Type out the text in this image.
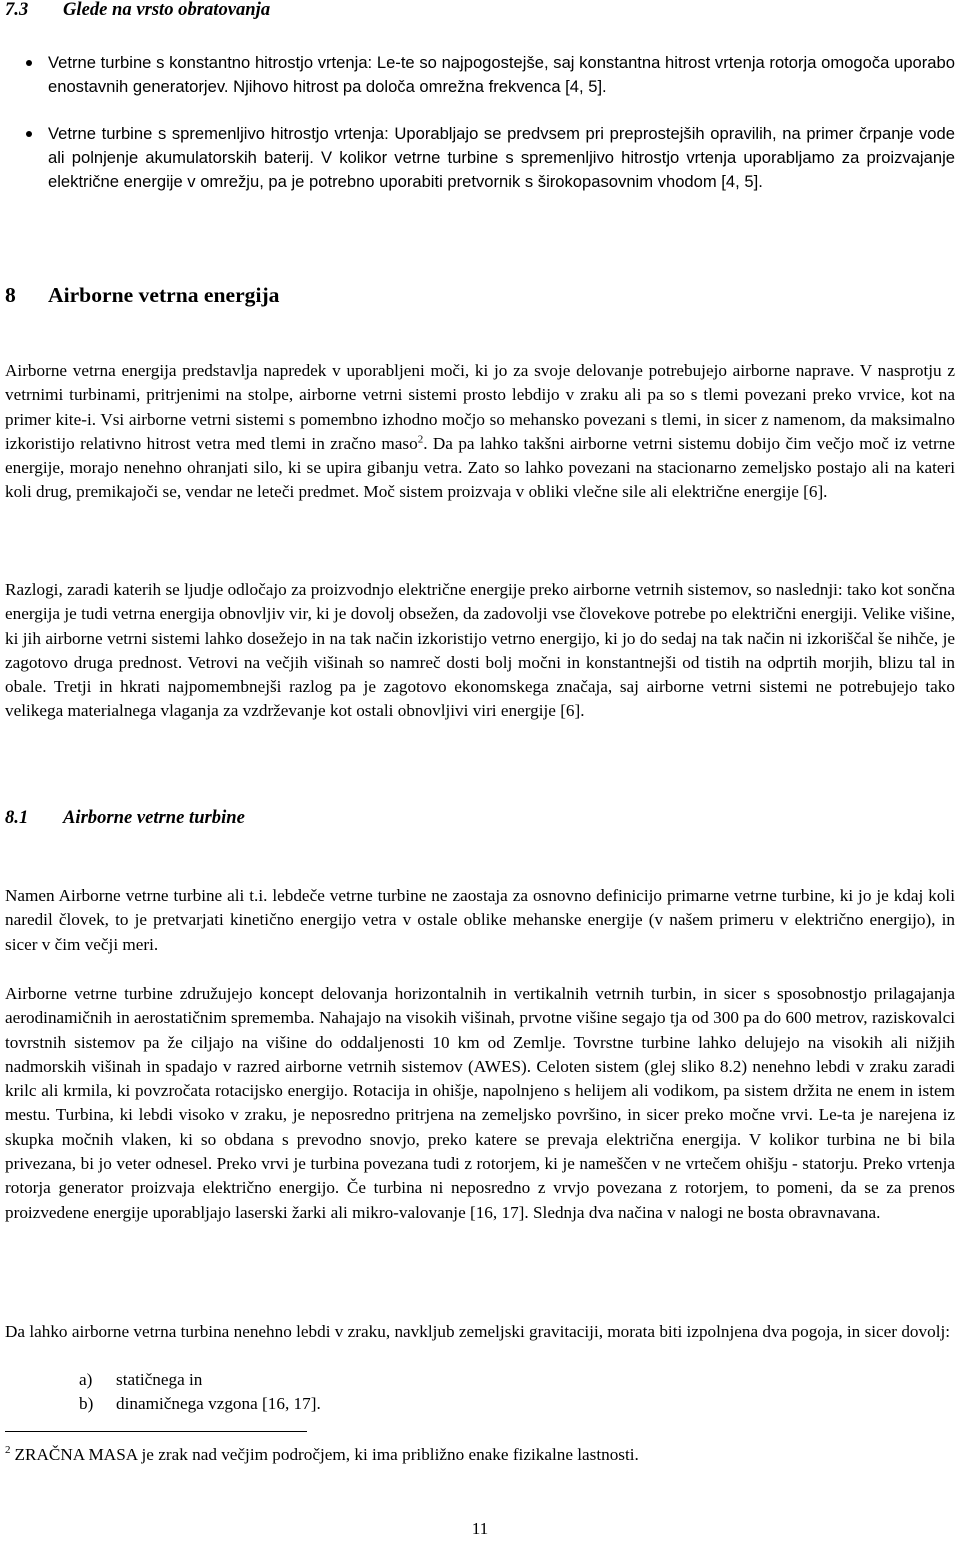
7.3 Glede na vrsto obratovanja
Vetrne turbine s konstantno hitrostjo vrtenja: Le-te so najpogostejše, saj konstantna hitrost vrtenja rotorja omogoča uporabo enostavnih generatorjev. Njihovo hitrost pa določa omrežna frekvenca [4, 5].
Vetrne turbine s spremenljivo hitrostjo vrtenja: Uporabljajo se predvsem pri preprostejših opravilih, na primer črpanje vode ali polnjenje akumulatorskih baterij. V kolikor vetrne turbine s spremenljivo hitrostjo vrtenja uporabljamo za proizvajanje električne energije v omrežju, pa je potrebno uporabiti pretvornik s širokopasovnim vhodom [4, 5].
8 Airborne vetrna energija

Airborne vetrna energija predstavlja napredek v uporabljeni moči, ki jo za svoje delovanje potrebujejo airborne naprave. V nasprotju z vetrnimi turbinami, pritrjenimi na stolpe, airborne vetrni sistemi prosto lebdijo v zraku ali pa so s tlemi povezani preko vrvice, kot na primer kite-i. Vsi airborne vetrni sistemi s pomembno izhodno močjo so mehansko povezani s tlemi, in sicer z namenom, da maksimalno izkoristijo relativno hitrost vetra med tlemi in zračno maso$^2$. Da pa lahko takšni airborne vetrni sistemu dobijo čim večjo moč iz vetrne energije, morajo nenehno ohranjati silo, ki se upira gibanju vetra. Zato so lahko povezani na stacionarno zemeljsko postajo ali na kateri koli drug, premikajoči se, vendar ne leteči predmet. Moč sistem proizvaja v obliki vlečne sile ali električne energije [6].

Razlogi, zaradi katerih se ljudje odločajo za proizvodnjo električne energije preko airborne vetrnih sistemov, so naslednji: tako kot sončna energija je tudi vetrna energija obnovljiv vir, ki je dovolj obsežen, da zadovolji vse človekove potrebe po električni energiji. Velike višine, ki jih airborne vetrni sistemi lahko dosežejo in na tak način izkoristijo vetrno energijo, ki jo do sedaj na tak način ni izkoriščal še nihče, je zagotovo druga prednost. Vetrovi na večjih višinah so namreč dosti bolj močni in konstantnejši od tistih na odprtih morjih, blizu tal in obale. Tretji in hkrati najpomembnejši razlog pa je zagotovo ekonomskega značaja, saj airborne vetrni sistemi ne potrebujejo tako velikega materialnega vlaganja za vzdrževanje kot ostali obnovljivi viri energije [6].

8.1 Airborne vetrne turbine

Namen Airborne vetrne turbine ali t.i. lebdeče vetrne turbine ne zaostaja za osnovno definicijo primarne vetrne turbine, ki jo je kdaj koli naredil človek, to je pretvarjati kinetično energijo vetra v ostale oblike mehanske energije (v našem primeru v električno energijo), in sicer v čim večji meri.

Airborne vetrne turbine združujejo koncept delovanja horizontalnih in vertikalnih vetrnih turbin, in sicer s sposobnostjo prilagajanja aerodinamičnih in aerostatičnim sprememba. Nahajajo na visokih višinah, prvotne višine segajo tja od 300 pa do 600 metrov, raziskovalci tovrstnih sistemov pa že ciljajo na višine do oddaljenosti 10 km od Zemlje. Tovrstne turbine lahko delujejo na visokih ali nižjih nadmorskih višinah in spadajo v razred airborne vetrnih sistemov (AWES). Celoten sistem (glej sliko 8.2) nenehno lebdi v zraku zaradi krilc ali krmila, ki povzročata rotacijsko energijo. Rotacija in ohišje, napolnjeno s helijem ali vodikom, pa sistem držita ne enem in istem mestu. Turbina, ki lebdi visoko v zraku, je neposredno pritrjena na zemeljsko površino, in sicer preko močne vrvi. Le-ta je narejena iz skupka močnih vlaken, ki so obdana s prevodno snovjo, preko katere se prevaja električna energija. V kolikor turbina ne bi bila privezana, bi jo veter odnesel. Preko vrvi je turbina povezana tudi z rotorjem, ki je nameščen v ne vrtečem ohišju - statorju. Preko vrtenja rotorja generator proizvaja električno energijo. Če turbina ni neposredno z vrvjo povezana z rotorjem, to pomeni, da se za prenos proizvedene energije uporabljajo laserski žarki ali mikro-valovanje [16, 17]. Slednja dva načina v nalogi ne bosta obravnavana.

Da lahko airborne vetrna turbina nenehno lebdi v zraku, navkljub zemeljski gravitaciji, morata biti izpolnjena dva pogoja, in sicer dovolj:

a) statičnega in
b) dinamičnega vzgona [16, 17].
$^2$ ZRAČNA MASA je zrak nad večjim področjem, ki ima približno enake fizikalne lastnosti.
11
